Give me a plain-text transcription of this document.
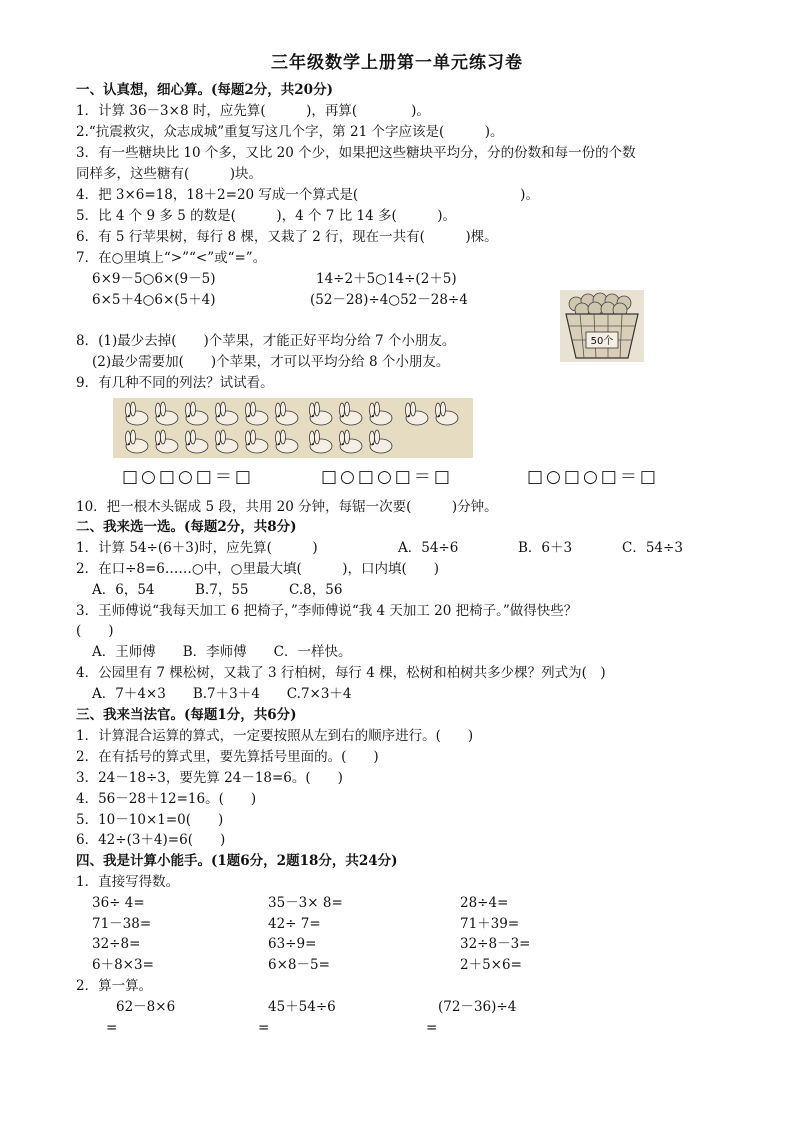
三年级数学上册第一单元练习卷
一、认真想，细心算。(每题2分，共20分)
1．计算 36－3×8 时，应先算(　　　)，再算(　　　　)。
2.“抗震救灾，众志成城”重复写这几个字，第 21 个字应该是(　　　)。
3．有一些糖块比 10 个多，又比 20 个少，如果把这些糖块平均分，分的份数和每一份的个数
同样多，这些糖有(　　　)块。
4．把 3×6=18，18＋2=20 写成一个算式是(　　　　　　　　　　　　)。
5．比 4 个 9 多 5 的数是(　　　)，4 个 7 比 14 多(　　　)。
6．有 5 行苹果树，每行 8 棵，又栽了 2 行，现在一共有(　　　)棵。
7．在○里填上“>”“<”或“=”。
6×9－5○6×(9－5)	14÷2＋5○14÷(2＋5)
6×5＋4○6×(5＋4)	(52－28)÷4○52－28÷4
50个
8．(1)最少去掉(　　)个苹果，才能正好平均分给 7 个小朋友。
(2)最少需要加(　　)个苹果，才可以平均分给 8 个小朋友。
9．有几种不同的列法？试试看。
□○□○□＝□	□○□○□＝□	□○□○□＝□
10．把一根木头锯成 5 段，共用 20 分钟，每锯一次要(　　　)分钟。
二、我来选一选。(每题2分，共8分)
1．计算 54÷(6＋3)时，应先算(　　　)	A．54÷6	B．6＋3	C．54÷3
2．在口÷8=6……○中，○里最大填(　　　)，口内填(　　)
A．6，54　　　B.7，55　　　C.8，56
3．王师傅说“我每天加工 6 把椅子，”李师傅说“我 4 天加工 20 把椅子。”做得快些？
(　　)
A．王师傅　　B．李师傅　　C．一样快。
4．公园里有 7 棵松树，又栽了 3 行柏树，每行 4 棵，松树和柏树共多少棵？列式为(　)
A．7＋4×3　　B.7＋3＋4　　C.7×3＋4
三、我来当法官。(每题1分，共6分)
1．计算混合运算的算式，一定要按照从左到右的顺序进行。(　　)
2．在有括号的算式里，要先算括号里面的。(　　)
3．24－18÷3，要先算 24－18=6。(　　)
4．56－28＋12=16。(　　)
5．10－10×1=0(　　)
6．42÷(3＋4)=6(　　)
四、我是计算小能手。(1题6分，2题18分，共24分)
1．直接写得数。
36÷ 4=	35－3× 8=	28÷4=
71－38=	42÷ 7=	71＋39=
32÷8=	63÷9=	32÷8－3=
6＋8×3=	6×8－5=	2＋5×6=
2．算一算。
62－8×6	45＋54÷6	(72－36)÷4
=	=	=
